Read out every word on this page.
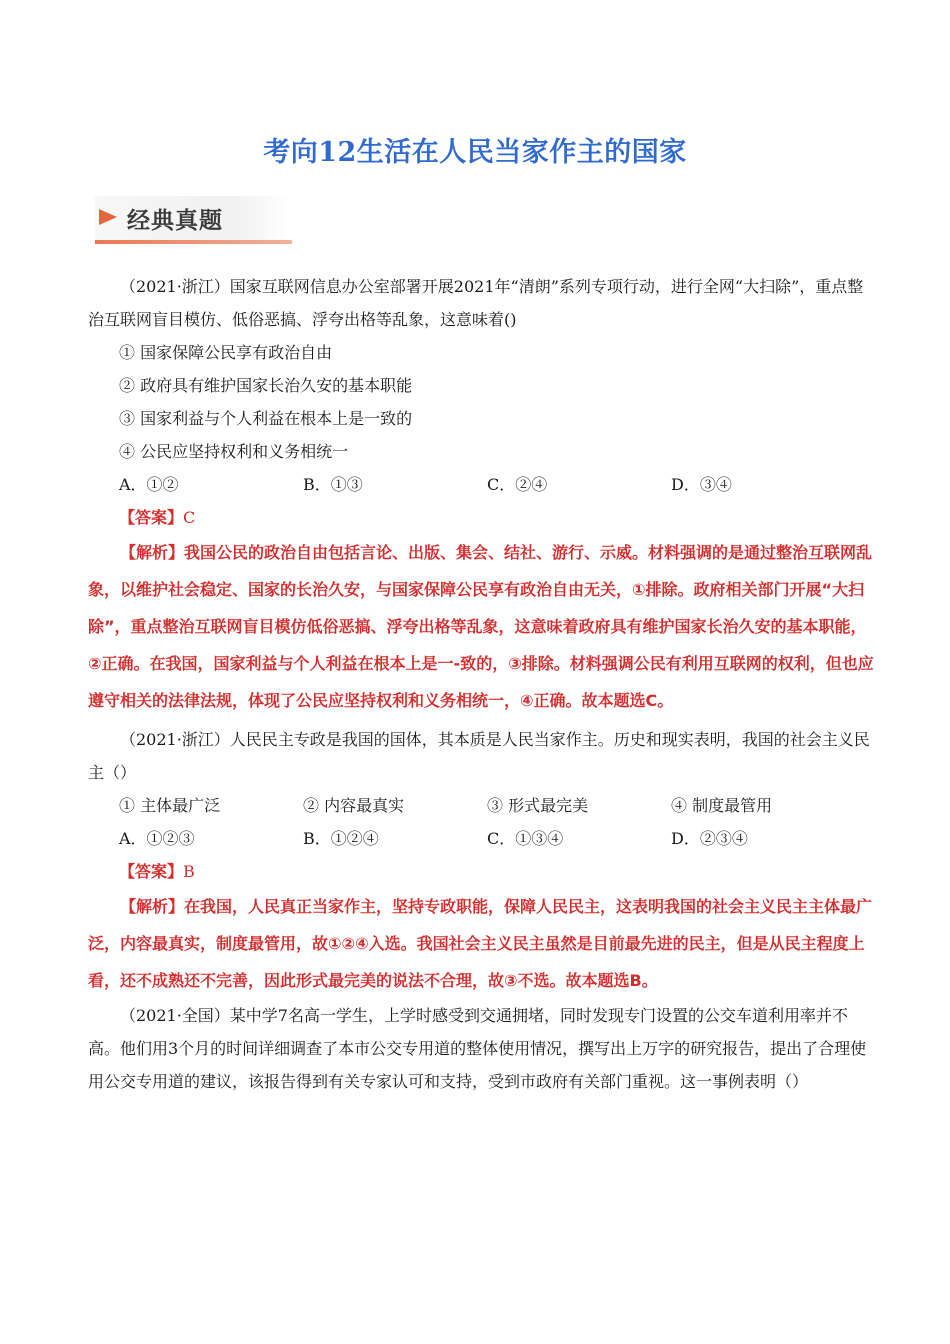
考向12生活在人民当家作主的国家
经典真题

（2021·浙江）国家互联网信息办公室部署开展2021年“清朗”系列专项行动，进行全网“大扫除”，重点整治互联网盲目模仿、低俗恶搞、浮夸出格等乱象，这意味着()

① 国家保障公民享有政治自由

② 政府具有维护国家长治久安的基本职能

③ 国家利益与个人利益在根本上是一致的

④ 公民应坚持权利和义务相统一

A．①②	B．①③	C．②④	D．③④

【答案】C

【解析】我国公民的政治自由包括言论、出版、集会、结社、游行、示威。材料强调的是通过整治互联网乱象，以维护社会稳定、国家的长治久安，与国家保障公民享有政治自由无关，①排除。政府相关部门开展“大扫除”，重点整治互联网盲目模仿低俗恶搞、浮夸出格等乱象，这意味着政府具有维护国家长治久安的基本职能，②正确。在我国，国家利益与个人利益在根本上是一-致的，③排除。材料强调公民有利用互联网的权利，但也应遵守相关的法律法规，体现了公民应坚持权利和义务相统一，④正确。故本题选C。

（2021·浙江）人民民主专政是我国的国体，其本质是人民当家作主。历史和现实表明，我国的社会主义民主（）

① 主体最广泛	② 内容最真实	③ 形式最完美	④ 制度最管用
A．①②③	B．①②④	C．①③④	D．②③④

【答案】B

【解析】在我国，人民真正当家作主，坚持专政职能，保障人民民主，这表明我国的社会主义民主主体最广泛，内容最真实，制度最管用，故①②④入选。我国社会主义民主虽然是目前最先进的民主，但是从民主程度上看，还不成熟还不完善，因此形式最完美的说法不合理，故③不选。故本题选B。

（2021·全国）某中学7名高一学生，上学时感受到交通拥堵，同时发现专门设置的公交车道利用率并不高。他们用3个月的时间详细调查了本市公交专用道的整体使用情况，撰写出上万字的研究报告，提出了合理使用公交专用道的建议，该报告得到有关专家认可和支持，受到市政府有关部门重视。这一事例表明（）
